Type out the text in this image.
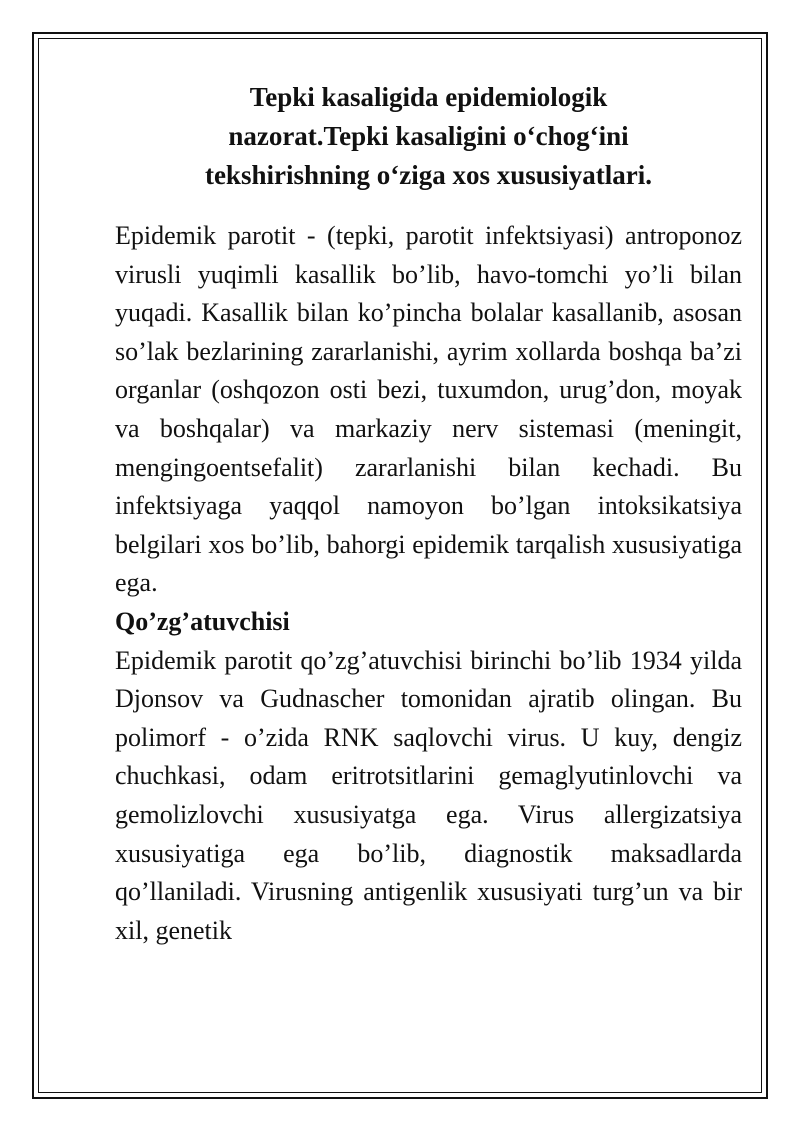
Tepki kasaligida epidemiologik
nazorat.Tepki kasaligini o‘chog‘ini
tekshirishning o‘ziga xos xususiyatlari.

Epidemik parotit - (tepki, parotit infektsiyasi) antroponoz virusli yuqimli kasallik bo’lib, havo-tomchi yo’li bilan yuqadi. Kasallik bilan ko’pincha bolalar kasallanib, asosan so’lak bezlarining zararlanishi, ayrim xollarda boshqa ba’zi organlar (oshqozon osti bezi, tuxumdon, urug’don, moyak va boshqalar) va markaziy nerv sistemasi (meningit, mengingoentsefalit) zararlanishi bilan kechadi. Bu infektsiyaga yaqqol namoyon bo’lgan intoksikatsiya belgilari xos bo’lib, bahorgi epidemik tarqalish xususiyatiga ega.

Qo’zg’atuvchisi

Epidemik parotit qo’zg’atuvchisi birinchi bo’lib 1934 yilda Djonsov va Gudnascher tomonidan ajratib olingan. Bu polimorf - o’zida RNK saqlovchi virus. U kuy, dengiz chuchkasi, odam eritrotsitlarini gemaglyutinlovchi va gemolizlovchi xususiyatga ega. Virus allergizatsiya xususiyatiga ega bo’lib, diagnostik maksadlarda qo’llaniladi. Virusning antigenlik xususiyati turg’un va bir xil, genetik
